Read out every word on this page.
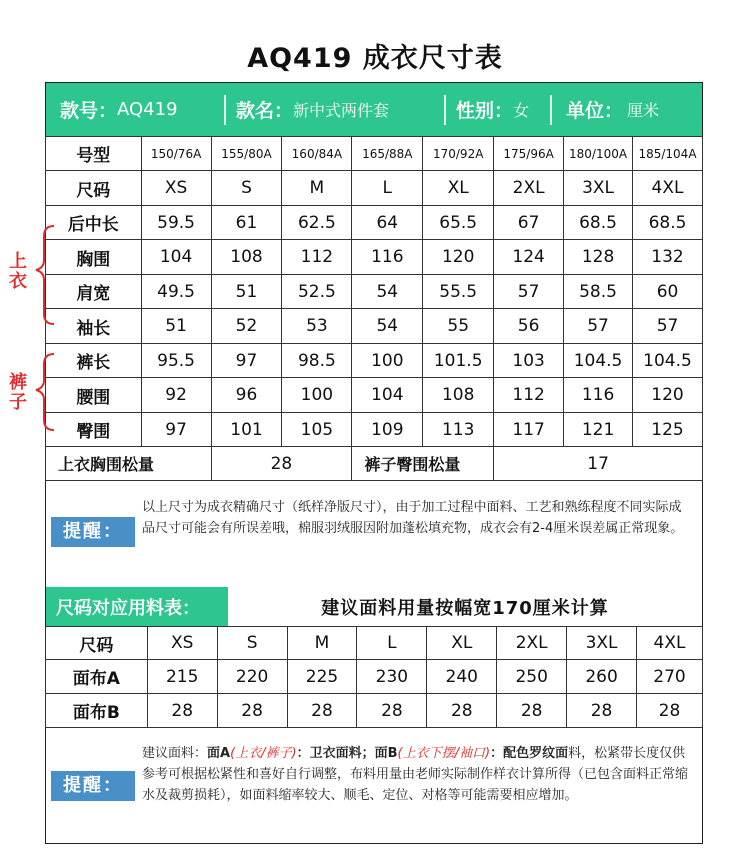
AQ419 成衣尺寸表
款号： AQ419	款名： 新中式两件套	性别： 女 单位： 厘米
号型	150/76A	155/80A	160/84A	165/88A	170/92A	175/96A	180/100A	185/104A
尺码	XS	S	M	L	XL	2XL	3XL	4XL
后中长	59.5	61	62.5	64	65.5	67	68.5	68.5
胸围	104	108	112	116	120	124	128	132
肩宽	49.5	51	52.5	54	55.5	57	58.5	60
袖长	51	52	53	54	55	56	57	57
裤长	95.5	97	98.5	100	101.5	103	104.5	104.5
腰围	92	96	100	104	108	112	116	120
臀围	97	101	105	109	113	117	121	125
上衣胸围松量		28		裤子臀围松量		17		
上
衣
裤
子
提醒：
以上尺寸为成衣精确尺寸（纸样净版尺寸），由于加工过程中面料、工艺和熟练程度不同实际成品尺寸可能会有所误差哦，棉服羽绒服因附加蓬松填充物，成衣会有2-4厘米误差属正常现象。
尺码对应用料表：	建议面料用量按幅宽170厘米计算
尺码	XS	S	M	L	XL	2XL	3XL	4XL
面布A	215	220	225	230	240	250	260	270
面布B	28	28	28	28	28	28	28	28
提醒：
建议面料：面A(上衣/裤子)：卫衣面料；面B(上衣下摆/袖口)：配色罗纹面料，松紧带长度仅供参考可根据松紧性和喜好自行调整，布料用量由老师实际制作样衣计算所得（已包含面料正常缩水及裁剪损耗），如面料缩率较大、顺毛、定位、对格等可能需要相应增加。
